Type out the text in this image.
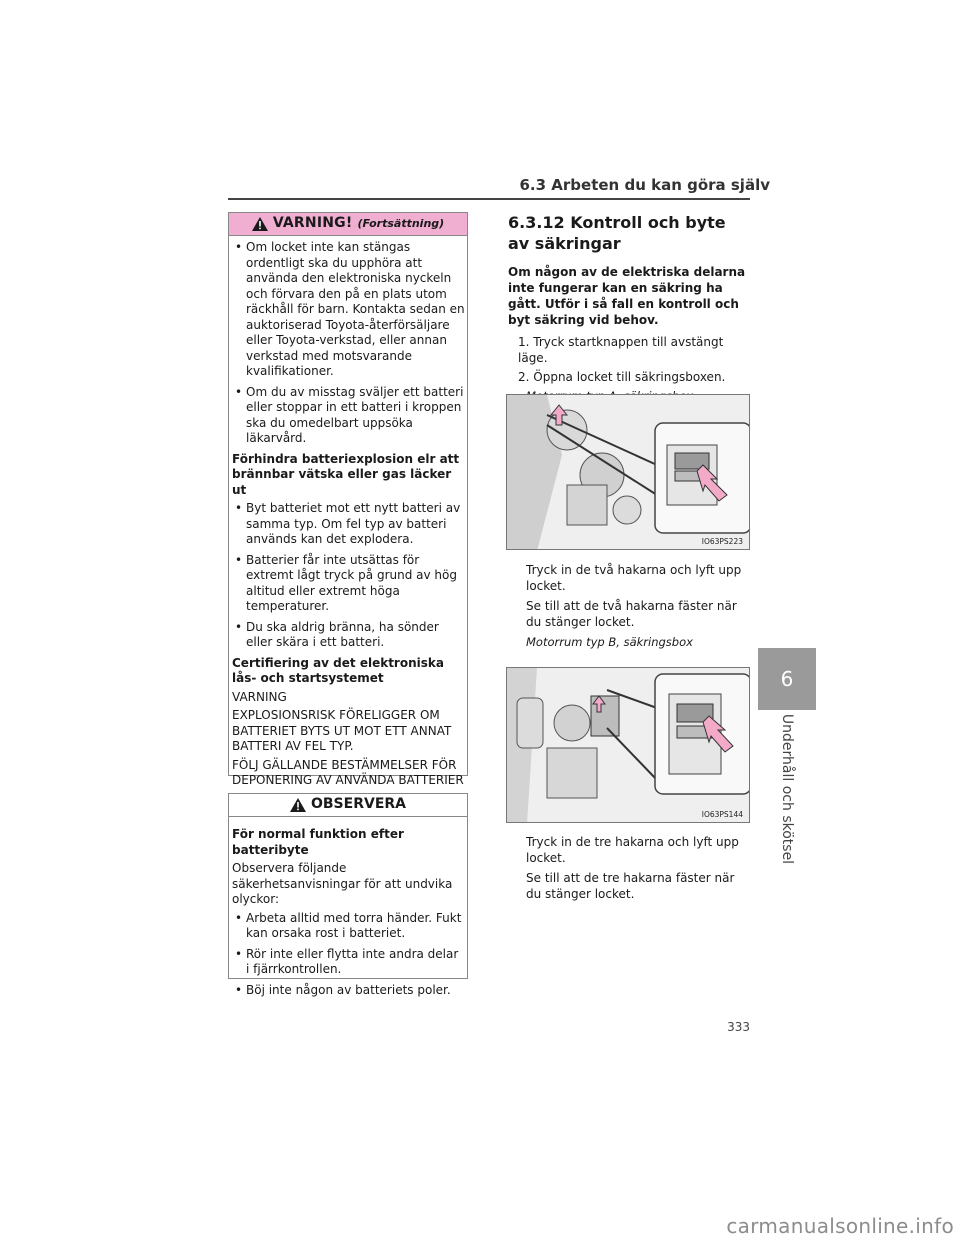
6.3 Arbeten du kan göra själv
6
Underhåll och skötsel
VARNING! (Fortsättning)
• Om locket inte kan stängas ordentligt ska du upphöra att använda den elektroniska nyckeln och förvara den på en plats utom räckhåll för barn. Kontakta sedan en auktoriserad Toyota-återförsäljare eller Toyota-verkstad, eller annan verkstad med motsvarande kvalifikationer.
• Om du av misstag sväljer ett batteri eller stoppar in ett batteri i kroppen ska du omedelbart uppsöka läkarvård.
Förhindra batteriexplosion elr att brännbar vätska eller gas läcker ut
• Byt batteriet mot ett nytt batteri av samma typ. Om fel typ av batteri används kan det explodera.
• Batterier får inte utsättas för extremt lågt tryck på grund av hög altitud eller extremt höga temperaturer.
• Du ska aldrig bränna, ha sönder eller skära i ett batteri.
Certifiering av det elektroniska lås- och startsystemet
VARNING
EXPLOSIONSRISK FÖRELIGGER OM BATTERIET BYTS UT MOT ETT ANNAT BATTERI AV FEL TYP.
FÖLJ GÄLLANDE BESTÄMMELSER FÖR DEPONERING AV ANVÄNDA BATTERIER
OBSERVERA
För normal funktion efter batteribyte
Observera följande säkerhetsanvisningar för att undvika olyckor:
• Arbeta alltid med torra händer. Fukt kan orsaka rost i batteriet.
• Rör inte eller flytta inte andra delar i fjärrkontrollen.
• Böj inte någon av batteriets poler.
6.3.12 Kontroll och byte av säkringar
Om någon av de elektriska delarna inte fungerar kan en säkring ha gått. Utför i så fall en kontroll och byt säkring vid behov.
1. Tryck startknappen till avstängt läge.
2. Öppna locket till säkringsboxen.
IO63PS223
Tryck in de två hakarna och lyft upp locket.
Se till att de två hakarna fäster när du stänger locket.
Motorrum typ B, säkringsbox
IO63PS144
Tryck in de tre hakarna och lyft upp locket.
Se till att de tre hakarna fäster när du stänger locket.
333
carmanualsonline.info
